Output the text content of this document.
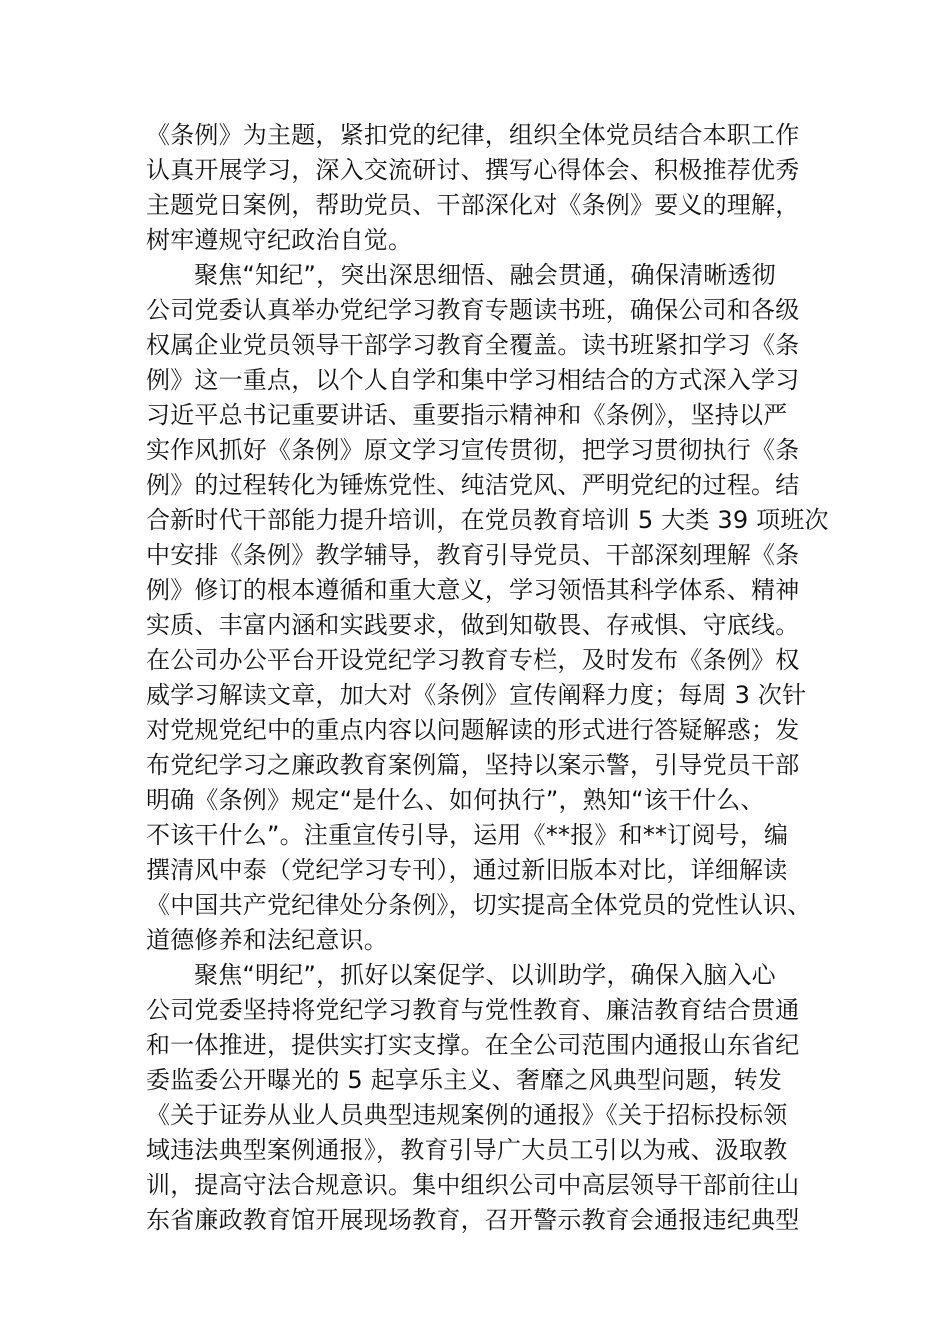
《条例》为主题，紧扣党的纪律，组织全体党员结合本职工作
认真开展学习，深入交流研讨、撰写心得体会、积极推荐优秀
主题党日案例，帮助党员、干部深化对《条例》要义的理解，
树牢遵规守纪政治自觉。
聚焦“知纪”，突出深思细悟、融会贯通，确保清晰透彻
公司党委认真举办党纪学习教育专题读书班，确保公司和各级
权属企业党员领导干部学习教育全覆盖。读书班紧扣学习《条
例》这一重点，以个人自学和集中学习相结合的方式深入学习
习近平总书记重要讲话、重要指示精神和《条例》，坚持以严
实作风抓好《条例》原文学习宣传贯彻，把学习贯彻执行《条
例》的过程转化为锤炼党性、纯洁党风、严明党纪的过程。结
合新时代干部能力提升培训，在党员教育培训 5 大类 39 项班次
中安排《条例》教学辅导，教育引导党员、干部深刻理解《条
例》修订的根本遵循和重大意义，学习领悟其科学体系、精神
实质、丰富内涵和实践要求，做到知敬畏、存戒惧、守底线。
在公司办公平台开设党纪学习教育专栏，及时发布《条例》权
威学习解读文章，加大对《条例》宣传阐释力度；每周 3 次针
对党规党纪中的重点内容以问题解读的形式进行答疑解惑；发
布党纪学习之廉政教育案例篇，坚持以案示警，引导党员干部
明确《条例》规定“是什么、如何执行”，熟知“该干什么、
不该干什么”。注重宣传引导，运用《**报》和**订阅号，编
撰清风中泰（党纪学习专刊），通过新旧版本对比，详细解读
《中国共产党纪律处分条例》，切实提高全体党员的党性认识、
道德修养和法纪意识。
聚焦“明纪”，抓好以案促学、以训助学，确保入脑入心
公司党委坚持将党纪学习教育与党性教育、廉洁教育结合贯通
和一体推进，提供实打实支撑。在全公司范围内通报山东省纪
委监委公开曝光的 5 起享乐主义、奢靡之风典型问题，转发
《关于证券从业人员典型违规案例的通报》《关于招标投标领
域违法典型案例通报》，教育引导广大员工引以为戒、汲取教
训，提高守法合规意识。集中组织公司中高层领导干部前往山
东省廉政教育馆开展现场教育，召开警示教育会通报违纪典型
